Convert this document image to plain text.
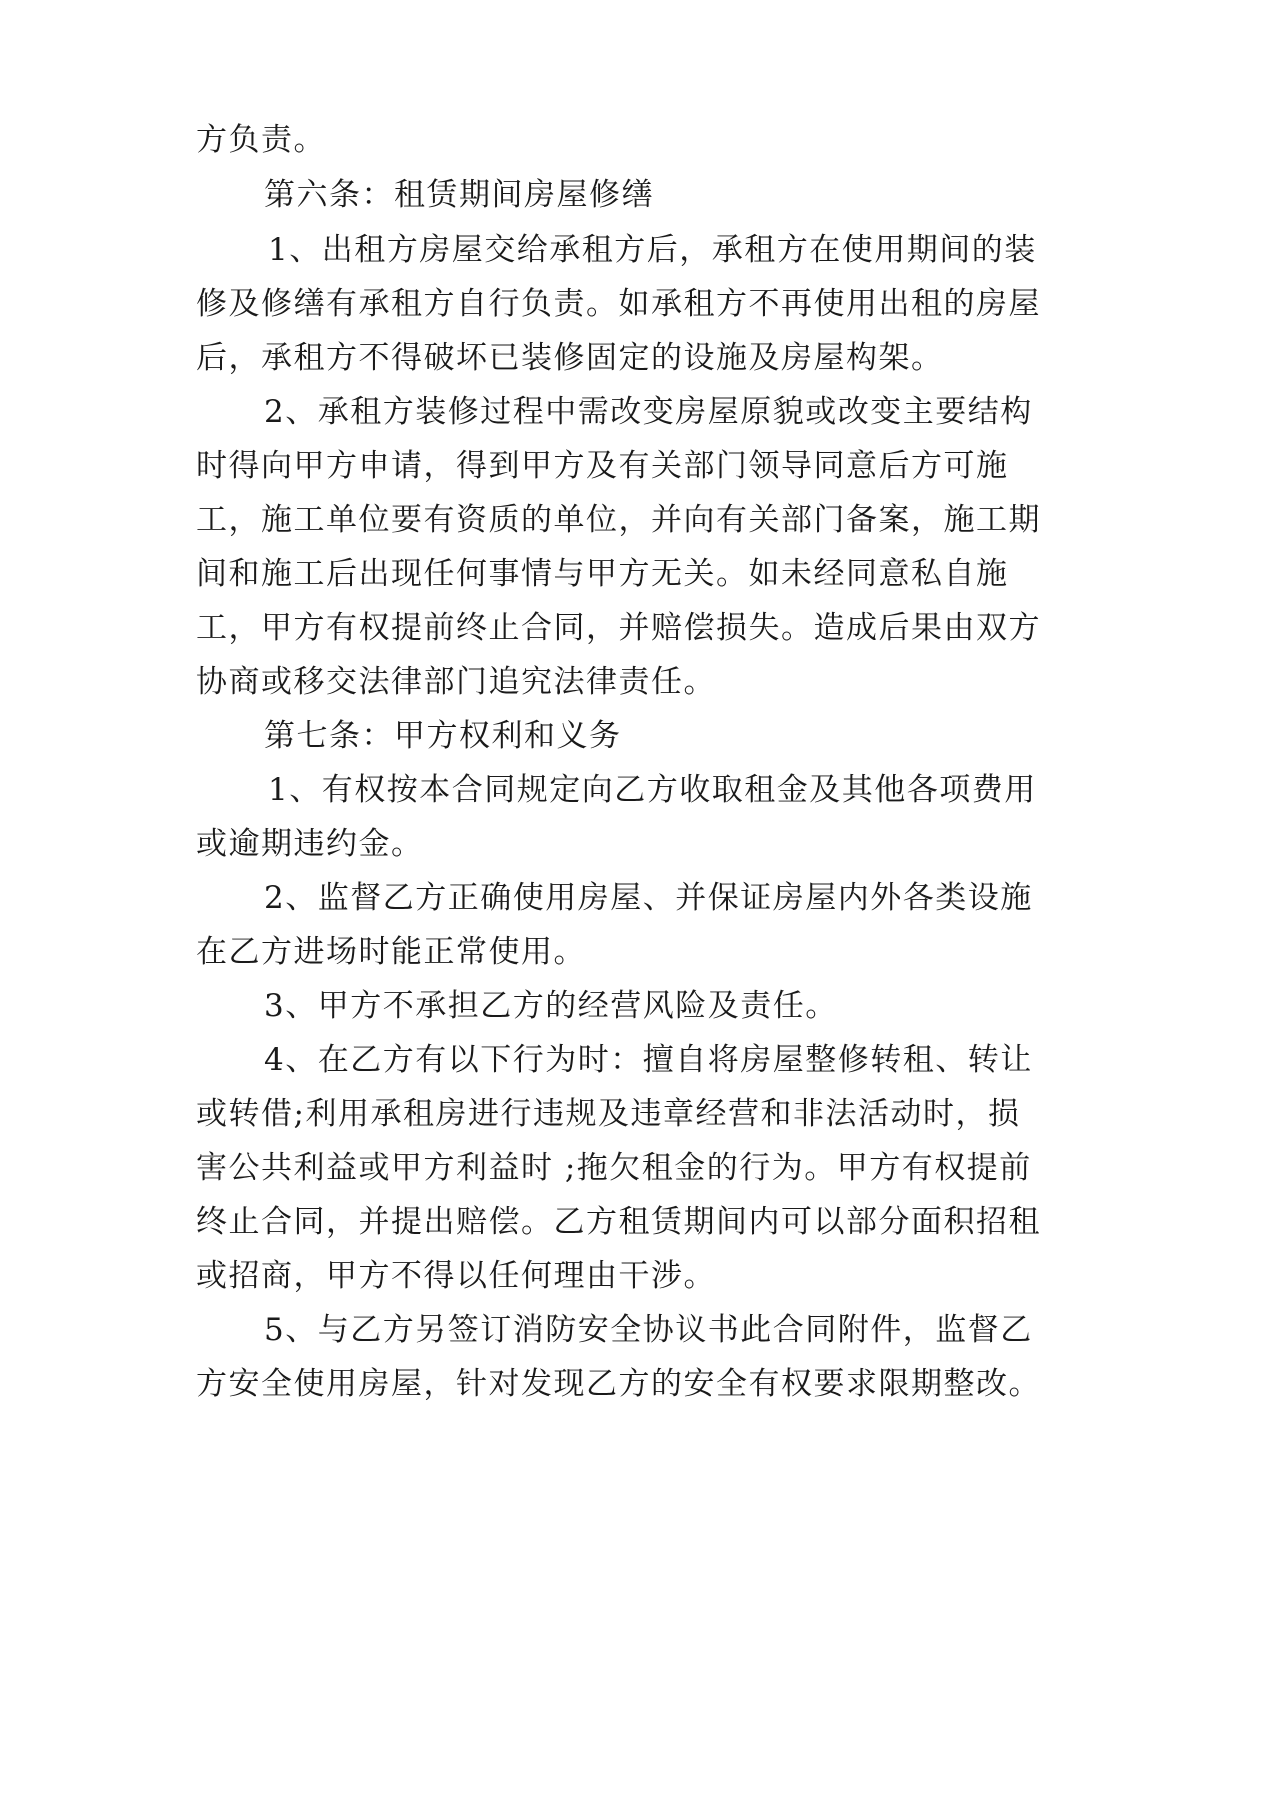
方负责。
第六条：租赁期间房屋修缮
1、出租方房屋交给承租方后，承租方在使用期间的装
修及修缮有承租方自行负责。如承租方不再使用出租的房屋
后，承租方不得破坏已装修固定的设施及房屋构架。
2、承租方装修过程中需改变房屋原貌或改变主要结构
时得向甲方申请，得到甲方及有关部门领导同意后方可施
工，施工单位要有资质的单位，并向有关部门备案，施工期
间和施工后出现任何事情与甲方无关。如未经同意私自施
工，甲方有权提前终止合同，并赔偿损失。造成后果由双方
协商或移交法律部门追究法律责任。
第七条：甲方权利和义务
1、有权按本合同规定向乙方收取租金及其他各项费用
或逾期违约金。
2、监督乙方正确使用房屋、并保证房屋内外各类设施
在乙方进场时能正常使用。
3、甲方不承担乙方的经营风险及责任。
4、在乙方有以下行为时：擅自将房屋整修转租、转让
或转借;利用承租房进行违规及违章经营和非法活动时，损
害公共利益或甲方利益时 ;拖欠租金的行为。甲方有权提前
终止合同，并提出赔偿。乙方租赁期间内可以部分面积招租
或招商，甲方不得以任何理由干涉。
5、与乙方另签订消防安全协议书此合同附件，监督乙
方安全使用房屋，针对发现乙方的安全有权要求限期整改。
